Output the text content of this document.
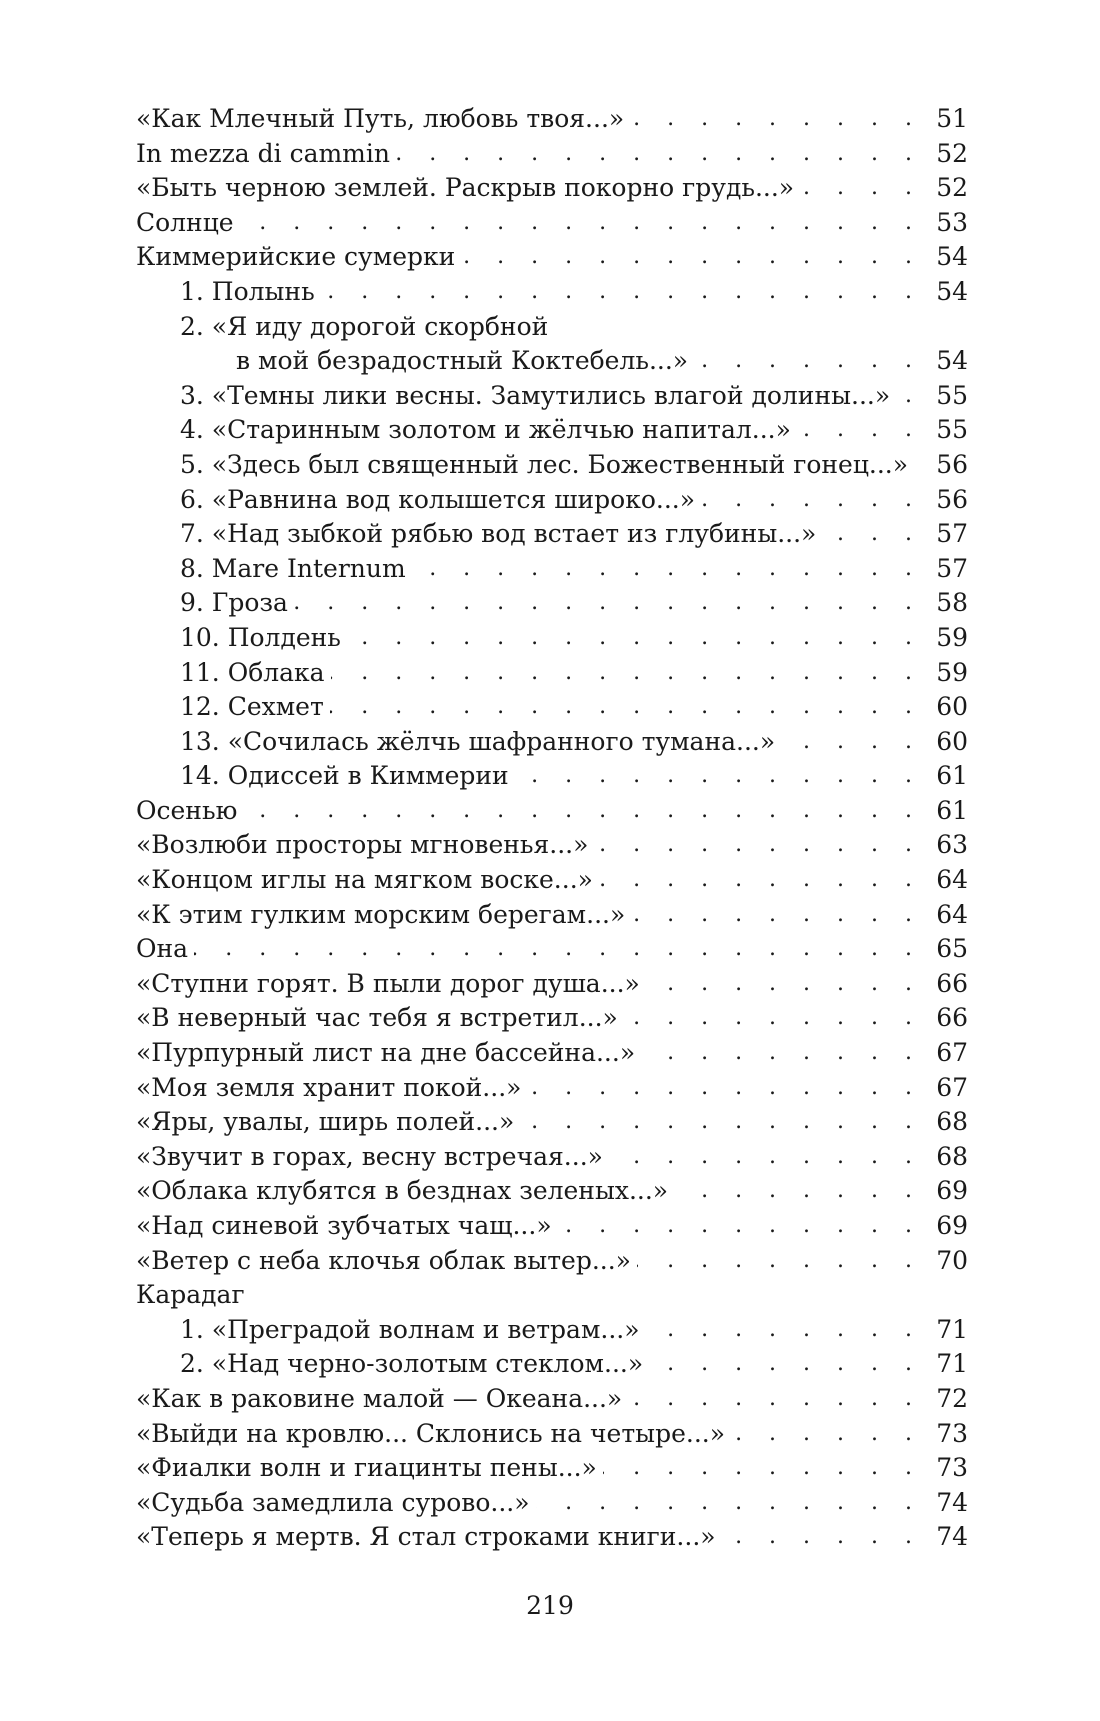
«Как Млечный Путь, любовь твоя...» . . .	51
In mezza di cammin . . .	52
«Быть черною землей. Раскрыв покорно грудь...» . . .	52
Солнце . . .	53
Киммерийские сумерки . . .	54
1. Полынь . . .	54
2. «Я иду дорогой скорбной
в мой безрадостный Коктебель...» . . .	54
3. «Темны лики весны. Замутились влагой долины...» . . .	55
4. «Старинным золотом и жёлчью напитал...» . . .	55
5. «Здесь был священный лес. Божественный гонец...» . . .	56
6. «Равнина вод колышется широко...» . . .	56
7. «Над зыбкой рябью вод встает из глубины...» . . .	57
8. Mare Internum . . .	57
9. Гроза . . .	58
10. Полдень . . .	59
11. Облака . . .	59
12. Сехмет . . .	60
13. «Сочилась жёлчь шафранного тумана...» . . .	60
14. Одиссей в Киммерии . . .	61
Осенью . . .	61
«Возлюби просторы мгновенья...» . . .	63
«Концом иглы на мягком воске...» . . .	64
«К этим гулким морским берегам...» . . .	64
Она . . .	65
«Ступни горят. В пыли дорог душа...» . . .	66
«В неверный час тебя я встретил...» . . .	66
«Пурпурный лист на дне бассейна...» . . .	67
«Моя земля хранит покой...» . . .	67
«Яры, увалы, ширь полей...» . . .	68
«Звучит в горах, весну встречая...» . . .	68
«Облака клубятся в безднах зеленых...» . . .	69
«Над синевой зубчатых чащ...» . . .	69
«Ветер с неба клочья облак вытер...» . . .	70
Карадаг
1. «Преградой волнам и ветрам...» . . .	71
2. «Над черно-золотым стеклом...» . . .	71
«Как в раковине малой — Океана...» . . .	72
«Выйди на кровлю... Склонись на четыре...» . . .	73
«Фиалки волн и гиацинты пены...» . . .	73
«Судьба замедлила сурово...» . . .	74
«Теперь я мертв. Я стал строками книги...» . . .	74
219
